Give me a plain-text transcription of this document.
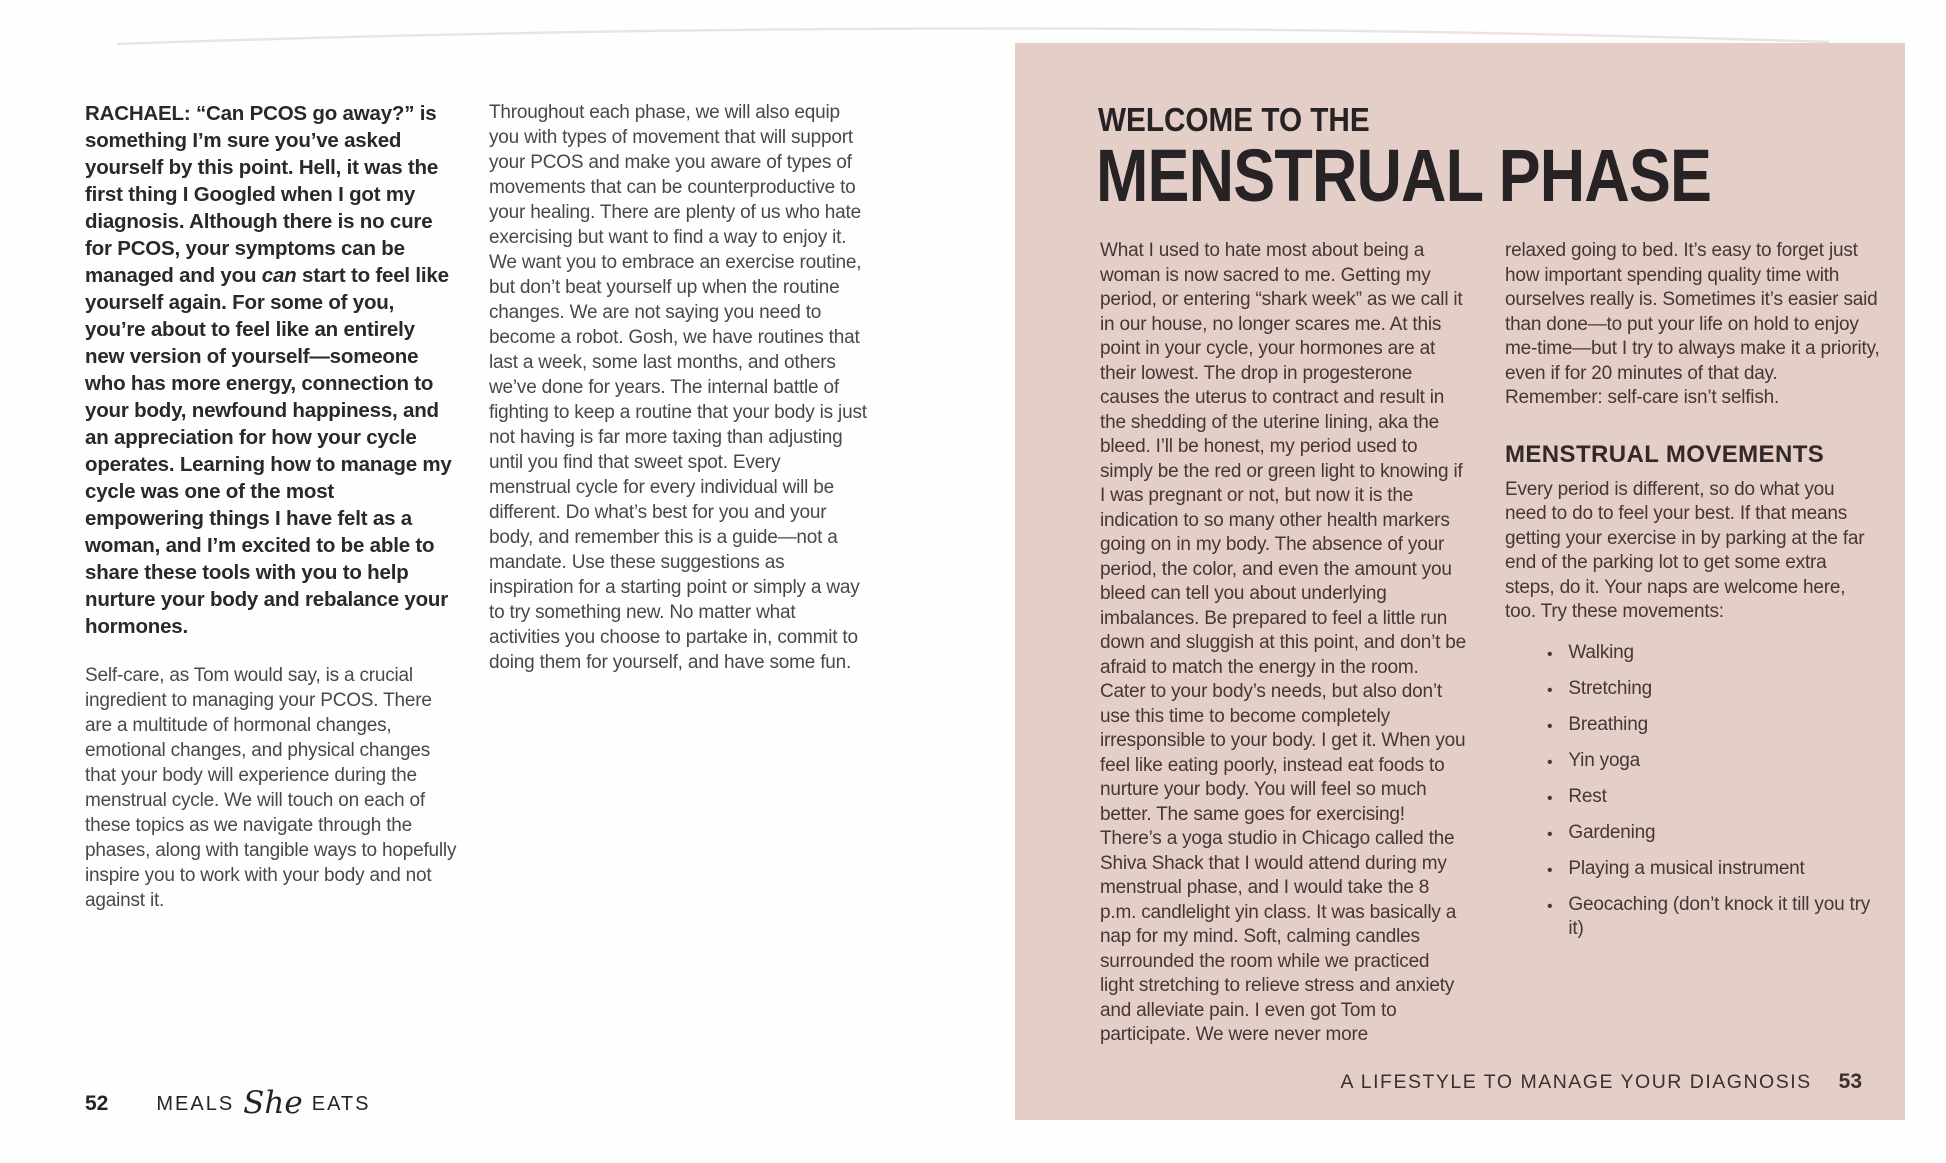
RACHAEL: “Can PCOS go away?” is something I’m sure you’ve asked yourself by this point. Hell, it was the first thing I Googled when I got my diagnosis. Although there is no cure for PCOS, your symptoms can be managed and you can start to feel like yourself again. For some of you, you’re about to feel like an entirely new version of yourself—someone who has more energy, connection to your body, newfound happiness, and an appreciation for how your cycle operates. Learning how to manage my cycle was one of the most empowering things I have felt as a woman, and I’m excited to be able to share these tools with you to help nurture your body and rebalance your hormones.

Self-care, as Tom would say, is a crucial ingredient to managing your PCOS. There are a multitude of hormonal changes, emotional changes, and physical changes that your body will experience during the menstrual cycle. We will touch on each of these topics as we navigate through the phases, along with tangible ways to hopefully inspire you to work with your body and not against it.

Throughout each phase, we will also equip you with types of movement that will support your PCOS and make you aware of types of movements that can be counterproductive to your healing. There are plenty of us who hate exercising but want to find a way to enjoy it. We want you to embrace an exercise routine, but don’t beat yourself up when the routine changes. We are not saying you need to become a robot. Gosh, we have routines that last a week, some last months, and others we’ve done for years. The internal battle of fighting to keep a routine that your body is just not having is far more taxing than adjusting until you find that sweet spot. Every menstrual cycle for every individual will be different. Do what’s best for you and your body, and remember this is a guide—not a mandate. Use these suggestions as inspiration for a starting point or simply a way to try something new. No matter what activities you choose to partake in, commit to doing them for yourself, and have some fun.

52 MEALS She EATS
WELCOME TO THE
MENSTRUAL PHASE

What I used to hate most about being a woman is now sacred to me. Getting my period, or entering “shark week” as we call it in our house, no longer scares me. At this point in your cycle, your hormones are at their lowest. The drop in progesterone causes the uterus to contract and result in the shedding of the uterine lining, aka the bleed. I’ll be honest, my period used to simply be the red or green light to knowing if I was pregnant or not, but now it is the indication to so many other health markers going on in my body. The absence of your period, the color, and even the amount you bleed can tell you about underlying imbalances. Be prepared to feel a little run down and sluggish at this point, and don’t be afraid to match the energy in the room. Cater to your body’s needs, but also don’t use this time to become completely irresponsible to your body. I get it. When you feel like eating poorly, instead eat foods to nurture your body. You will feel so much better. The same goes for exercising! There’s a yoga studio in Chicago called the Shiva Shack that I would attend during my menstrual phase, and I would take the 8 p.m. candlelight yin class. It was basically a nap for my mind. Soft, calming candles surrounded the room while we practiced light stretching to relieve stress and anxiety and alleviate pain. I even got Tom to participate. We were never more

relaxed going to bed. It’s easy to forget just how important spending quality time with ourselves really is. Sometimes it’s easier said than done—to put your life on hold to enjoy me-time—but I try to always make it a priority, even if for 20 minutes of that day. Remember: self-care isn’t selfish.

MENSTRUAL MOVEMENTS

Every period is different, so do what you need to do to feel your best. If that means getting your exercise in by parking at the far end of the parking lot to get some extra steps, do it. Your naps are welcome here, too. Try these movements:

• Walking
• Stretching
• Breathing
• Yin yoga
• Rest
• Gardening
• Playing a musical instrument
• Geocaching (don’t knock it till you try it)
A LIFESTYLE TO MANAGE YOUR DIAGNOSIS 53
